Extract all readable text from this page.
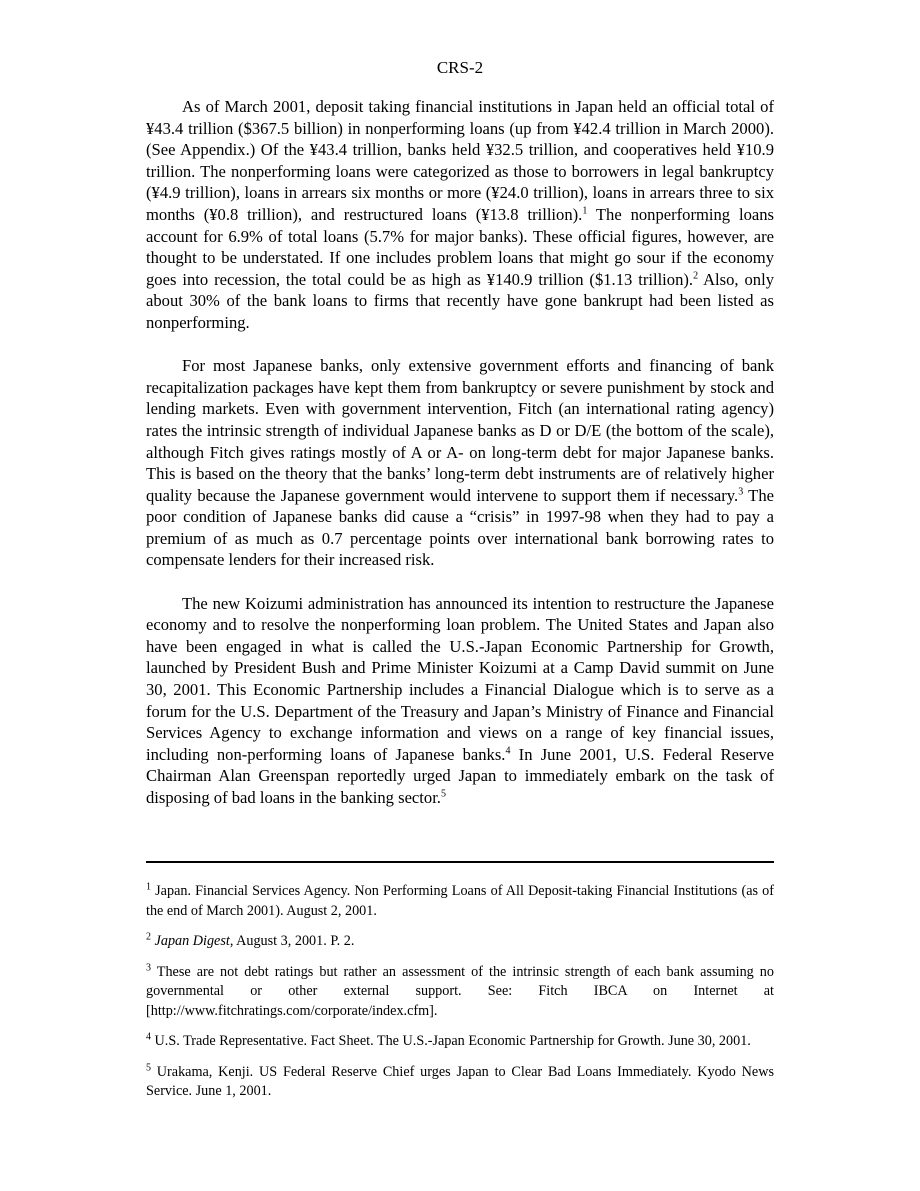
CRS-2

As of March 2001, deposit taking financial institutions in Japan held an official total of ¥43.4 trillion ($367.5 billion) in nonperforming loans (up from ¥42.4 trillion in March 2000). (See Appendix.) Of the ¥43.4 trillion, banks held ¥32.5 trillion, and cooperatives held ¥10.9 trillion. The nonperforming loans were categorized as those to borrowers in legal bankruptcy (¥4.9 trillion), loans in arrears six months or more (¥24.0 trillion), loans in arrears three to six months (¥0.8 trillion), and restructured loans (¥13.8 trillion).$^1$ The nonperforming loans account for 6.9% of total loans (5.7% for major banks). These official figures, however, are thought to be understated. If one includes problem loans that might go sour if the economy goes into recession, the total could be as high as ¥140.9 trillion ($1.13 trillion).$^2$ Also, only about 30% of the bank loans to firms that recently have gone bankrupt had been listed as nonperforming.

For most Japanese banks, only extensive government efforts and financing of bank recapitalization packages have kept them from bankruptcy or severe punishment by stock and lending markets. Even with government intervention, Fitch (an international rating agency) rates the intrinsic strength of individual Japanese banks as D or D/E (the bottom of the scale), although Fitch gives ratings mostly of A or A- on long-term debt for major Japanese banks. This is based on the theory that the banks’ long-term debt instruments are of relatively higher quality because the Japanese government would intervene to support them if necessary.$^3$ The poor condition of Japanese banks did cause a “crisis” in 1997-98 when they had to pay a premium of as much as 0.7 percentage points over international bank borrowing rates to compensate lenders for their increased risk.

The new Koizumi administration has announced its intention to restructure the Japanese economy and to resolve the nonperforming loan problem. The United States and Japan also have been engaged in what is called the U.S.-Japan Economic Partnership for Growth, launched by President Bush and Prime Minister Koizumi at a Camp David summit on June 30, 2001. This Economic Partnership includes a Financial Dialogue which is to serve as a forum for the U.S. Department of the Treasury and Japan’s Ministry of Finance and Financial Services Agency to exchange information and views on a range of key financial issues, including non-performing loans of Japanese banks.$^4$ In June 2001, U.S. Federal Reserve Chairman Alan Greenspan reportedly urged Japan to immediately embark on the task of disposing of bad loans in the banking sector.$^5$

$^1$ Japan. Financial Services Agency. Non Performing Loans of All Deposit-taking Financial Institutions (as of the end of March 2001). August 2, 2001.
$^2$ Japan Digest, August 3, 2001. P. 2.
$^3$ These are not debt ratings but rather an assessment of the intrinsic strength of each bank assuming no governmental or other external support. See: Fitch IBCA on Internet at [http://www.fitchratings.com/corporate/index.cfm].
$^4$ U.S. Trade Representative. Fact Sheet. The U.S.-Japan Economic Partnership for Growth. June 30, 2001.
$^5$ Urakama, Kenji. US Federal Reserve Chief urges Japan to Clear Bad Loans Immediately. Kyodo News Service. June 1, 2001.
